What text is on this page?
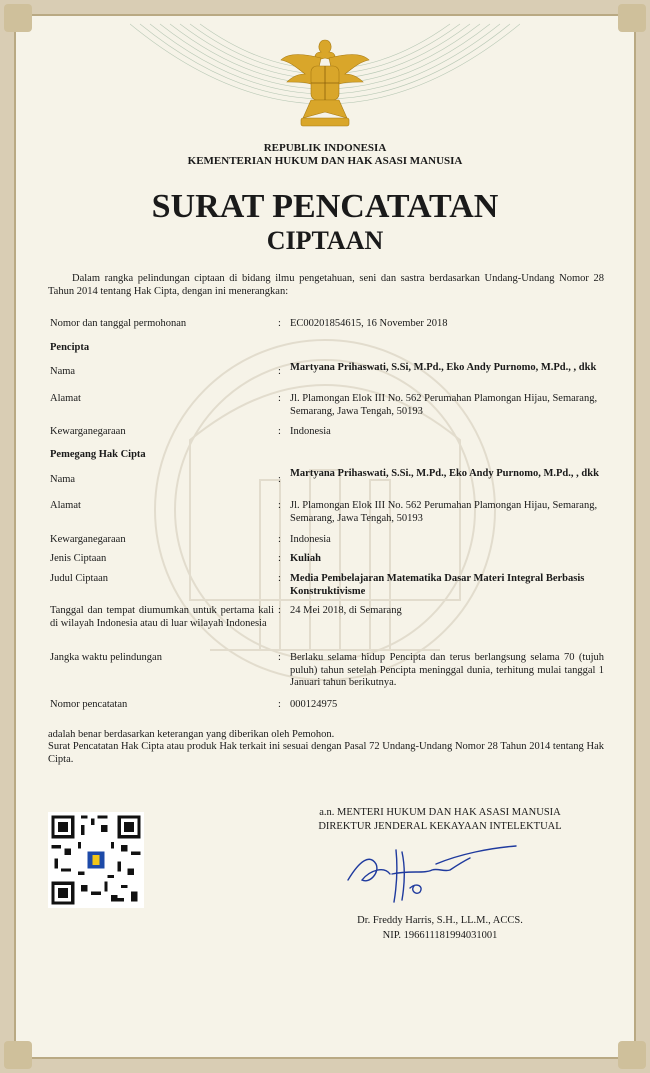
REPUBLIK INDONESIA
KEMENTERIAN HUKUM DAN HAK ASASI MANUSIA
SURAT PENCATATAN
CIPTAAN
Dalam rangka pelindungan ciptaan di bidang ilmu pengetahuan, seni dan sastra berdasarkan Undang-Undang Nomor 28 Tahun 2014 tentang Hak Cipta, dengan ini menerangkan:
Nomor dan tanggal permohonan	: EC00201854615, 16 November 2018
Pencipta
Nama	: Martyana Prihaswati, S.Si, M.Pd., Eko Andy Purnomo, M.Pd., , dkk
Alamat	: Jl. Plamongan Elok III No. 562 Perumahan Plamongan Hijau, Semarang, Semarang, Jawa Tengah, 50193
Kewarganegaraan	: Indonesia
Pemegang Hak Cipta
Nama	:
Martyana Prihaswati, S.Si., M.Pd., Eko Andy Purnomo, M.Pd., , dkk
Alamat	: Jl. Plamongan Elok III No. 562 Perumahan Plamongan Hijau, Semarang, Semarang, Jawa Tengah, 50193
Kewarganegaraan	: Indonesia
Jenis Ciptaan	: Kuliah
Judul Ciptaan	: Media Pembelajaran Matematika Dasar Materi Integral Berbasis Konstruktivisme
Tanggal dan tempat diumumkan untuk pertama kali di wilayah Indonesia atau di luar wilayah Indonesia
: 24 Mei 2018, di Semarang
Jangka waktu pelindungan	: Berlaku selama hidup Pencipta dan terus berlangsung selama 70 (tujuh puluh) tahun setelah Pencipta meninggal dunia, terhitung mulai tanggal 1 Januari tahun berikutnya.
Nomor pencatatan	: 000124975
adalah benar berdasarkan keterangan yang diberikan oleh Pemohon.
Surat Pencatatan Hak Cipta atau produk Hak terkait ini sesuai dengan Pasal 72 Undang-Undang Nomor 28 Tahun 2014 tentang Hak Cipta.
a.n. MENTERI HUKUM DAN HAK ASASI MANUSIA
DIREKTUR JENDERAL KEKAYAAN INTELEKTUAL
Dr. Freddy Harris, S.H., LL.M., ACCS.
NIP. 196611181994031001
